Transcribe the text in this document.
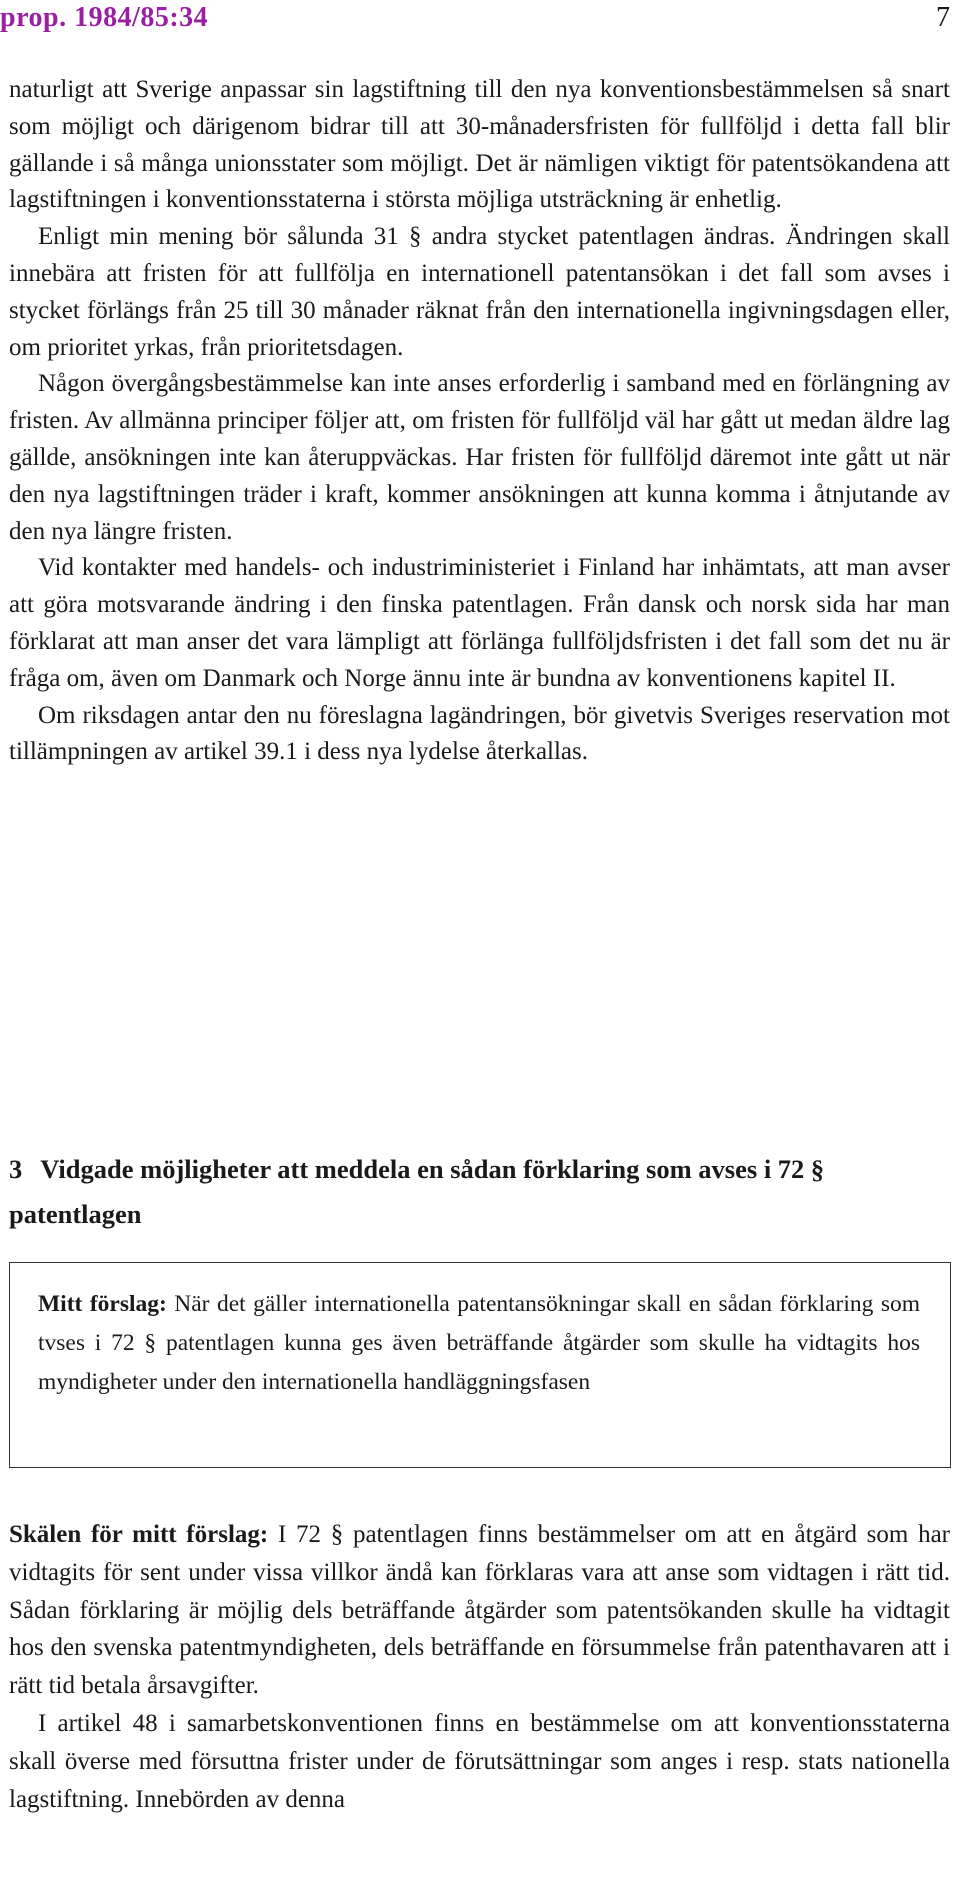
prop. 1984/85:34	7

naturligt att Sverige anpassar sin lagstiftning till den nya konventionsbestämmelsen så snart som möjligt och därigenom bidrar till att 30-månadersfristen för fullföljd i detta fall blir gällande i så många unionsstater som möjligt. Det är nämligen viktigt för patentsökandena att lagstiftningen i konventionsstaterna i största möjliga utsträckning är enhetlig.

Enligt min mening bör sålunda 31 § andra stycket patentlagen ändras. Ändringen skall innebära att fristen för att fullfölja en internationell patentansökan i det fall som avses i stycket förlängs från 25 till 30 månader räknat från den internationella ingivningsdagen eller, om prioritet yrkas, från prioritetsdagen.

Någon övergångsbestämmelse kan inte anses erforderlig i samband med en förlängning av fristen. Av allmänna principer följer att, om fristen för fullföljd väl har gått ut medan äldre lag gällde, ansökningen inte kan återuppväckas. Har fristen för fullföljd däremot inte gått ut när den nya lagstiftningen träder i kraft, kommer ansökningen att kunna komma i åtnjutande av den nya längre fristen.

Vid kontakter med handels- och industriministeriet i Finland har inhämtats, att man avser att göra motsvarande ändring i den finska patentlagen. Från dansk och norsk sida har man förklarat att man anser det vara lämpligt att förlänga fullföljdsfristen i det fall som det nu är fråga om, även om Danmark och Norge ännu inte är bundna av konventionens kapitel II.

Om riksdagen antar den nu föreslagna lagändringen, bör givetvis Sveriges reservation mot tillämpningen av artikel 39.1 i dess nya lydelse återkallas.

3 Vidgade möjligheter att meddela en sådan förklaring som avses i 72 § patentlagen
Mitt förslag: När det gäller internationella patentansökningar skall en sådan förklaring som tvses i 72 § patentlagen kunna ges även beträffande åtgärder som skulle ha vidtagits hos myndigheter under den internationella handläggningsfasen

Skälen för mitt förslag: I 72 § patentlagen finns bestämmelser om att en åtgärd som har vidtagits för sent under vissa villkor ändå kan förklaras vara att anse som vidtagen i rätt tid. Sådan förklaring är möjlig dels beträffande åtgärder som patentsökanden skulle ha vidtagit hos den svenska patentmyndigheten, dels beträffande en försummelse från patenthavaren att i rätt tid betala årsavgifter.

I artikel 48 i samarbetskonventionen finns en bestämmelse om att konventionsstaterna skall överse med försuttna frister under de förutsättningar som anges i resp. stats nationella lagstiftning. Innebörden av denna
